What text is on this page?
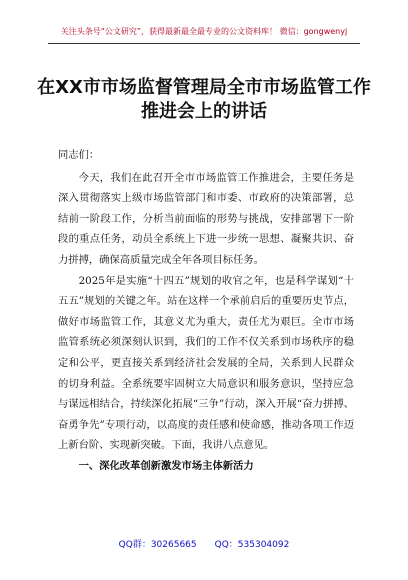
关注头条号“公文研究”，获得最新最全最专业的公文资料库！ 微信：gongwenyj
在XX市市场监督管理局全市市场监管工作推进会上的讲话

同志们：

今天，我们在此召开全市市场监管工作推进会，主要任务是深入贯彻落实上级市场监管部门和市委、市政府的决策部署，总结前一阶段工作，分析当前面临的形势与挑战，安排部署下一阶段的重点任务，动员全系统上下进一步统一思想、凝聚共识、奋力拼搏，确保高质量完成全年各项目标任务。

2025年是实施“十四五”规划的收官之年，也是科学谋划“十五五”规划的关键之年。站在这样一个承前启后的重要历史节点，做好市场监管工作，其意义尤为重大，责任尤为艰巨。全市市场监管系统必须深刻认识到，我们的工作不仅关系到市场秩序的稳定和公平，更直接关系到经济社会发展的全局，关系到人民群众的切身利益。全系统要牢固树立大局意识和服务意识，坚持应急与谋远相结合，持续深化拓展“三争”行动，深入开展“奋力拼搏、奋勇争先”专项行动，以高度的责任感和使命感，推动各项工作迈上新台阶、实现新突破。下面，我讲八点意见。

一、深化改革创新激发市场主体新活力

QQ群：30265665　　QQ：535304092
